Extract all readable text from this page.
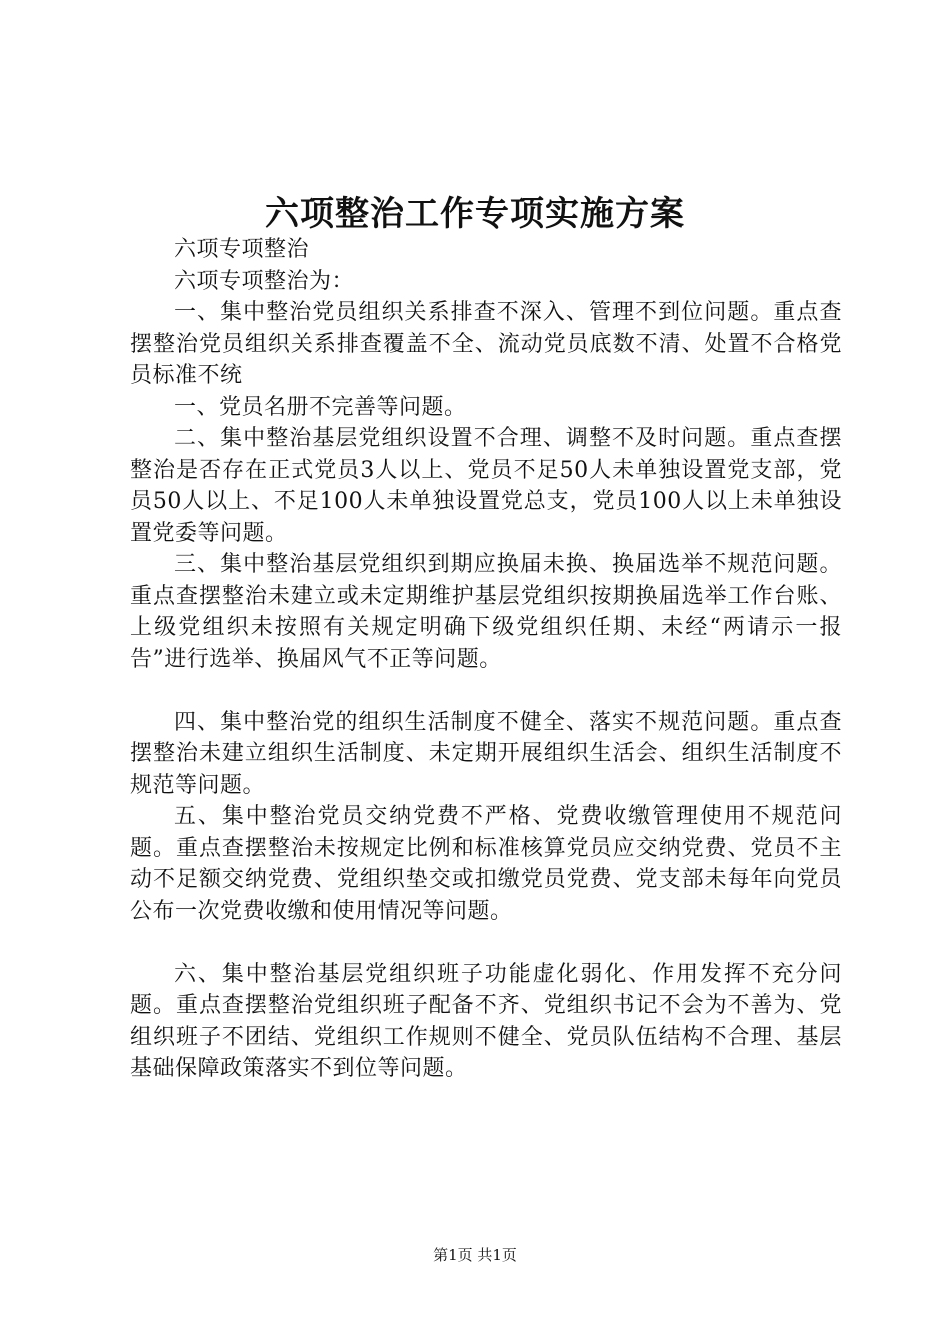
六项整治工作专项实施方案

六项专项整治

六项专项整治为：

一、集中整治党员组织关系排查不深入、管理不到位问题。重点查摆整治党员组织关系排查覆盖不全、流动党员底数不清、处置不合格党员标准不统

一、党员名册不完善等问题。

二、集中整治基层党组织设置不合理、调整不及时问题。重点查摆整治是否存在正式党员3人以上、党员不足50人未单独设置党支部，党员50人以上、不足100人未单独设置党总支，党员100人以上未单独设置党委等问题。

三、集中整治基层党组织到期应换届未换、换届选举不规范问题。重点查摆整治未建立或未定期维护基层党组织按期换届选举工作台账、上级党组织未按照有关规定明确下级党组织任期、未经“两请示一报告”进行选举、换届风气不正等问题。

四、集中整治党的组织生活制度不健全、落实不规范问题。重点查摆整治未建立组织生活制度、未定期开展组织生活会、组织生活制度不规范等问题。

五、集中整治党员交纳党费不严格、党费收缴管理使用不规范问题。重点查摆整治未按规定比例和标准核算党员应交纳党费、党员不主动不足额交纳党费、党组织垫交或扣缴党员党费、党支部未每年向党员公布一次党费收缴和使用情况等问题。

六、集中整治基层党组织班子功能虚化弱化、作用发挥不充分问题。重点查摆整治党组织班子配备不齐、党组织书记不会为不善为、党组织班子不团结、党组织工作规则不健全、党员队伍结构不合理、基层基础保障政策落实不到位等问题。

第1页 共1页
